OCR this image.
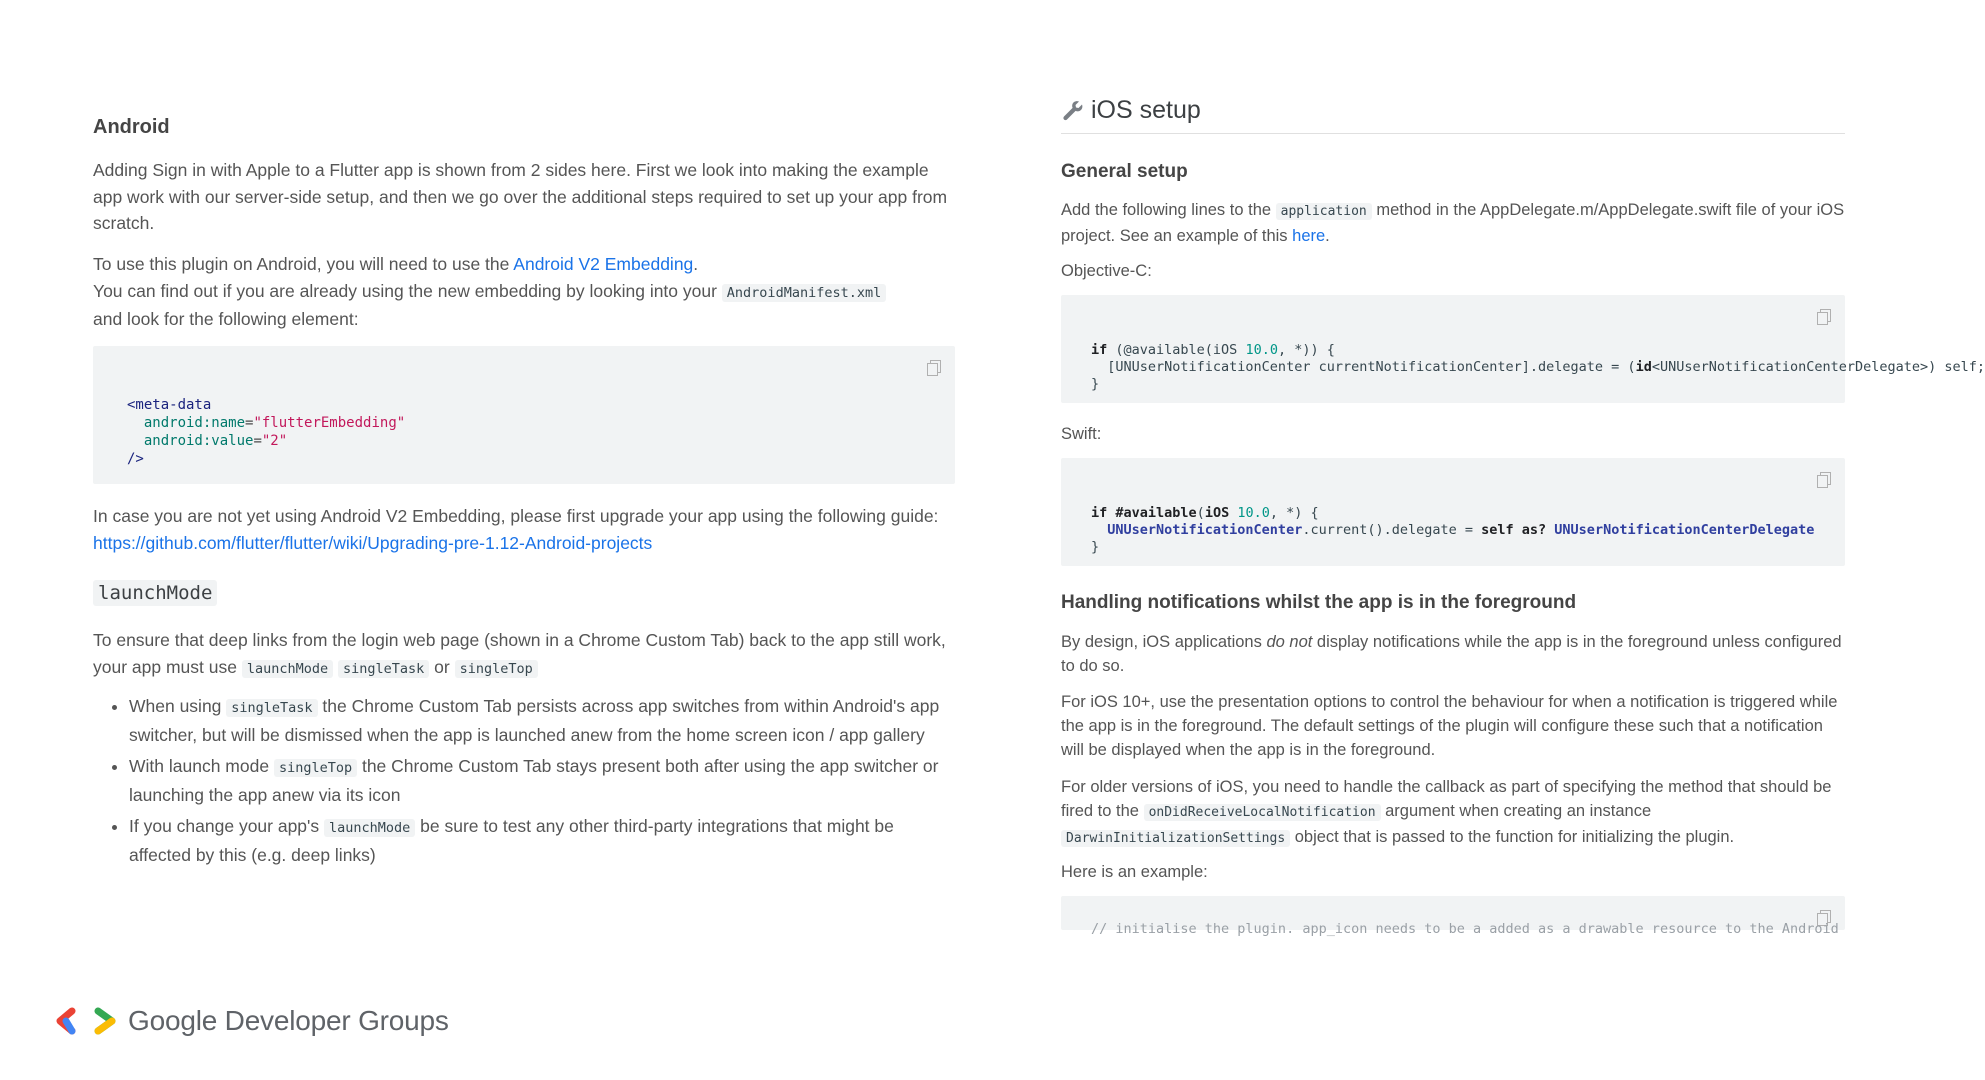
Android

Adding Sign in with Apple to a Flutter app is shown from 2 sides here. First we look into making the example app work with our server-side setup, and then we go over the additional steps required to set up your app from scratch.

To use this plugin on Android, you will need to use the Android V2 Embedding.
You can find out if you are already using the new embedding by looking into your AndroidManifest.xml
and look for the following element:

<meta-data
android:name="flutterEmbedding"
android:value="2"
/>

In case you are not yet using Android V2 Embedding, please first upgrade your app using the following guide: https://github.com/flutter/flutter/wiki/Upgrading-pre-1.12-Android-projects

launchMode

To ensure that deep links from the login web page (shown in a Chrome Custom Tab) back to the app still work, your app must use launchMode singleTask or singleTop

• When using singleTask the Chrome Custom Tab persists across app switches from within Android's app switcher, but will be dismissed when the app is launched anew from the home screen icon / app gallery
• With launch mode singleTop the Chrome Custom Tab stays present both after using the app switcher or launching the app anew via its icon
• If you change your app's launchMode be sure to test any other third-party integrations that might be affected by this (e.g. deep links)
iOS setup
General setup

Add the following lines to the application method in the AppDelegate.m/AppDelegate.swift file of your iOS project. See an example of this here.

Objective-C:

if (@available(iOS 10.0, *)) {
[UNUserNotificationCenter currentNotificationCenter].delegate = (id<UNUserNotificationCenterDelegate>) self;
}

Swift:

if #available(iOS 10.0, *) {
UNUserNotificationCenter.current().delegate = self as? UNUserNotificationCenterDelegate
}

Handling notifications whilst the app is in the foreground

By design, iOS applications do not display notifications while the app is in the foreground unless configured to do so.

For iOS 10+, use the presentation options to control the behaviour for when a notification is triggered while the app is in the foreground. The default settings of the plugin will configure these such that a notification will be displayed when the app is in the foreground.

For older versions of iOS, you need to handle the callback as part of specifying the method that should be fired to the onDidReceiveLocalNotification argument when creating an instance DarwinInitializationSettings object that is passed to the function for initializing the plugin.

Here is an example:

// initialise the plugin. app_icon needs to be a added as a drawable resource to the Android

Google Developer Groups
